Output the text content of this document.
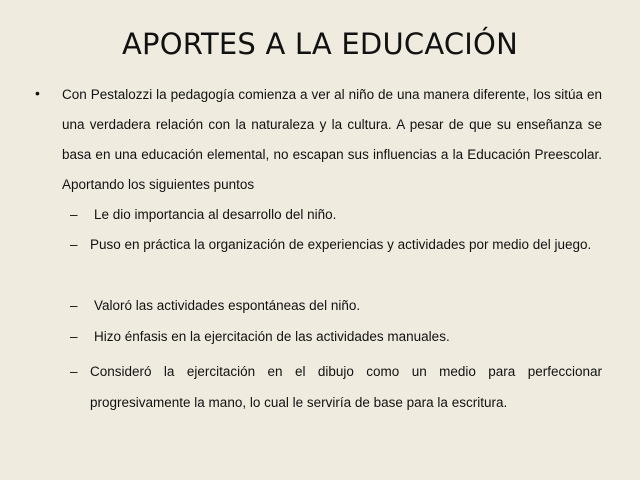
APORTES A LA EDUCACIÓN
• Con Pestalozzi la pedagogía comienza a ver al niño de una manera diferente, los sitúa en una verdadera relación con la naturaleza y la cultura. A pesar de que su enseñanza se basa en una educación elemental, no escapan sus influencias a la Educación Preescolar. Aportando los siguientes puntos
–	Le dio importancia al desarrollo del niño.
– Puso en práctica la organización de experiencias y actividades por medio del juego.
–	Valoró las actividades espontáneas del niño.
–	Hizo énfasis en la ejercitación de las actividades manuales.
– Consideró la ejercitación en el dibujo como un medio para perfeccionar progresivamente la mano, lo cual le serviría de base para la escritura.
